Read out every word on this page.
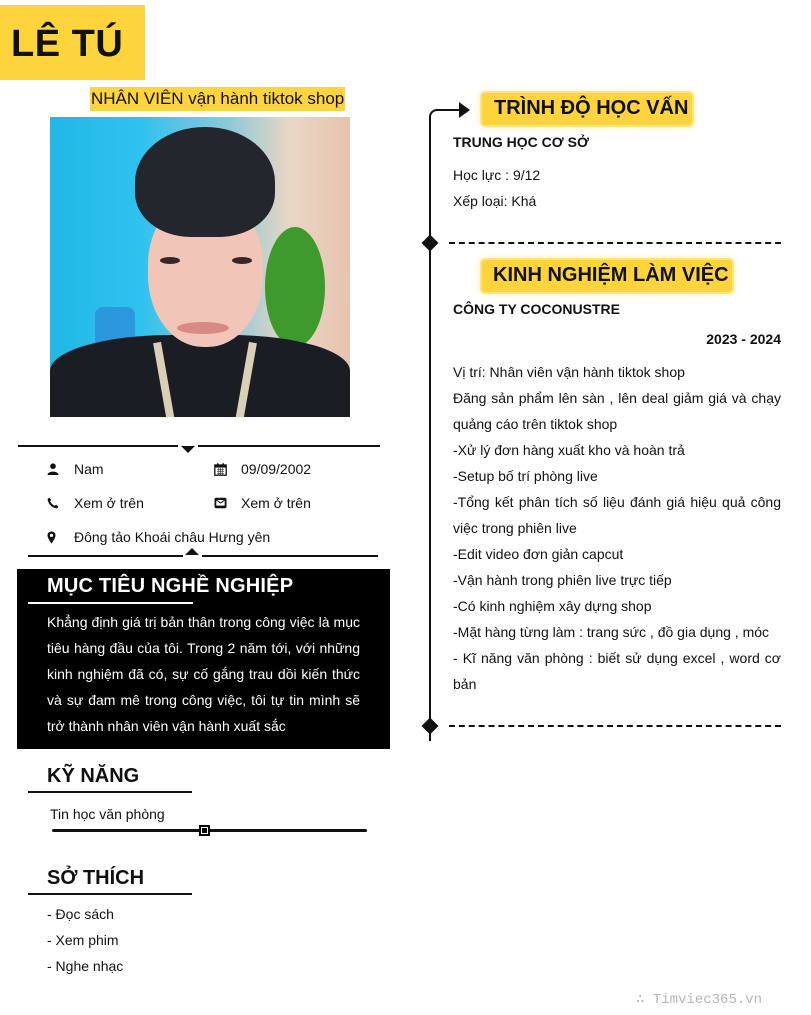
LÊ TÚ
NHÂN VIÊN vận hành tiktok shop
Nam	09/09/2002
Xem ở trên	Xem ở trên
Đông tảo Khoái châu Hưng yên
MỤC TIÊU NGHỀ NGHIỆP

Khẳng định giá trị bản thân trong công việc là mục tiêu hàng đầu của tôi. Trong 2 năm tới, với những kinh nghiệm đã có, sự cố gắng trau dồi kiến thức và sự đam mê trong công việc, tôi tự tin mình sẽ trở thành nhân viên vận hành xuất sắc

KỸ NĂNG
Tin học văn phòng
SỞ THÍCH
- Đọc sách
- Xem phim
- Nghe nhạc
TRÌNH ĐỘ HỌC VẤN
TRUNG HỌC CƠ SỞ
Học lực : 9/12
Xếp loại: Khá
KINH NGHIỆM LÀM VIỆC
CÔNG TY COCONUSTRE
2023 - 2024
Vị trí: Nhân viên vận hành tiktok shop
Đăng sản phẩm lên sàn , lên deal giảm giá và chạy quảng cáo trên tiktok shop
-Xử lý đơn hàng xuất kho và hoàn trả
-Setup bố trí phòng live
-Tổng kết phân tích số liệu đánh giá hiệu quả công việc trong phiên live
-Edit video đơn giản capcut
-Vận hành trong phiên live trực tiếp
-Có kinh nghiệm xây dựng shop
-Mặt hàng từng làm : trang sức , đồ gia dụng , móc
- Kĩ năng văn phòng : biết sử dụng excel , word cơ bản
∴ Timviec365.vn
